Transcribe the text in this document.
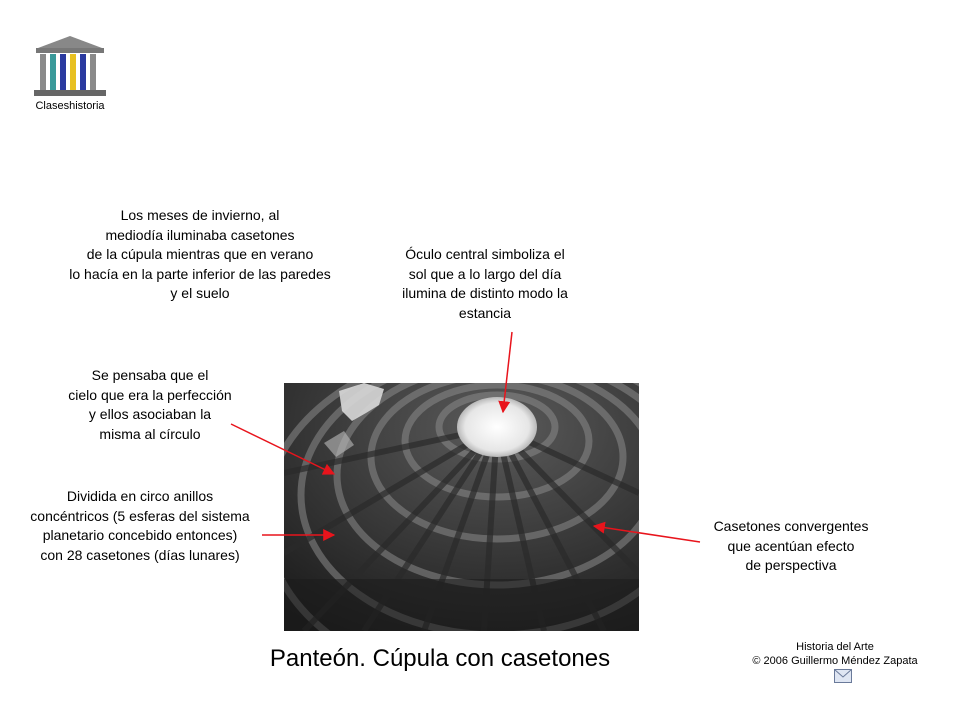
Claseshistoria
Los meses de invierno, al
mediodía iluminaba casetones
de la cúpula mientras que en verano
lo hacía en la parte inferior de las paredes
y el suelo
Óculo central simboliza el
sol que a lo largo del día
ilumina de distinto modo la
estancia
Se pensaba que el
cielo que era la perfección
y ellos asociaban la
misma al círculo
Dividida en circo anillos
concéntricos (5 esferas del sistema
planetario concebido entonces)
con 28 casetones (días lunares)
Casetones convergentes
que acentúan efecto
de perspectiva
Panteón. Cúpula con casetones	Historia del Arte
© 2006 Guillermo Méndez Zapata
